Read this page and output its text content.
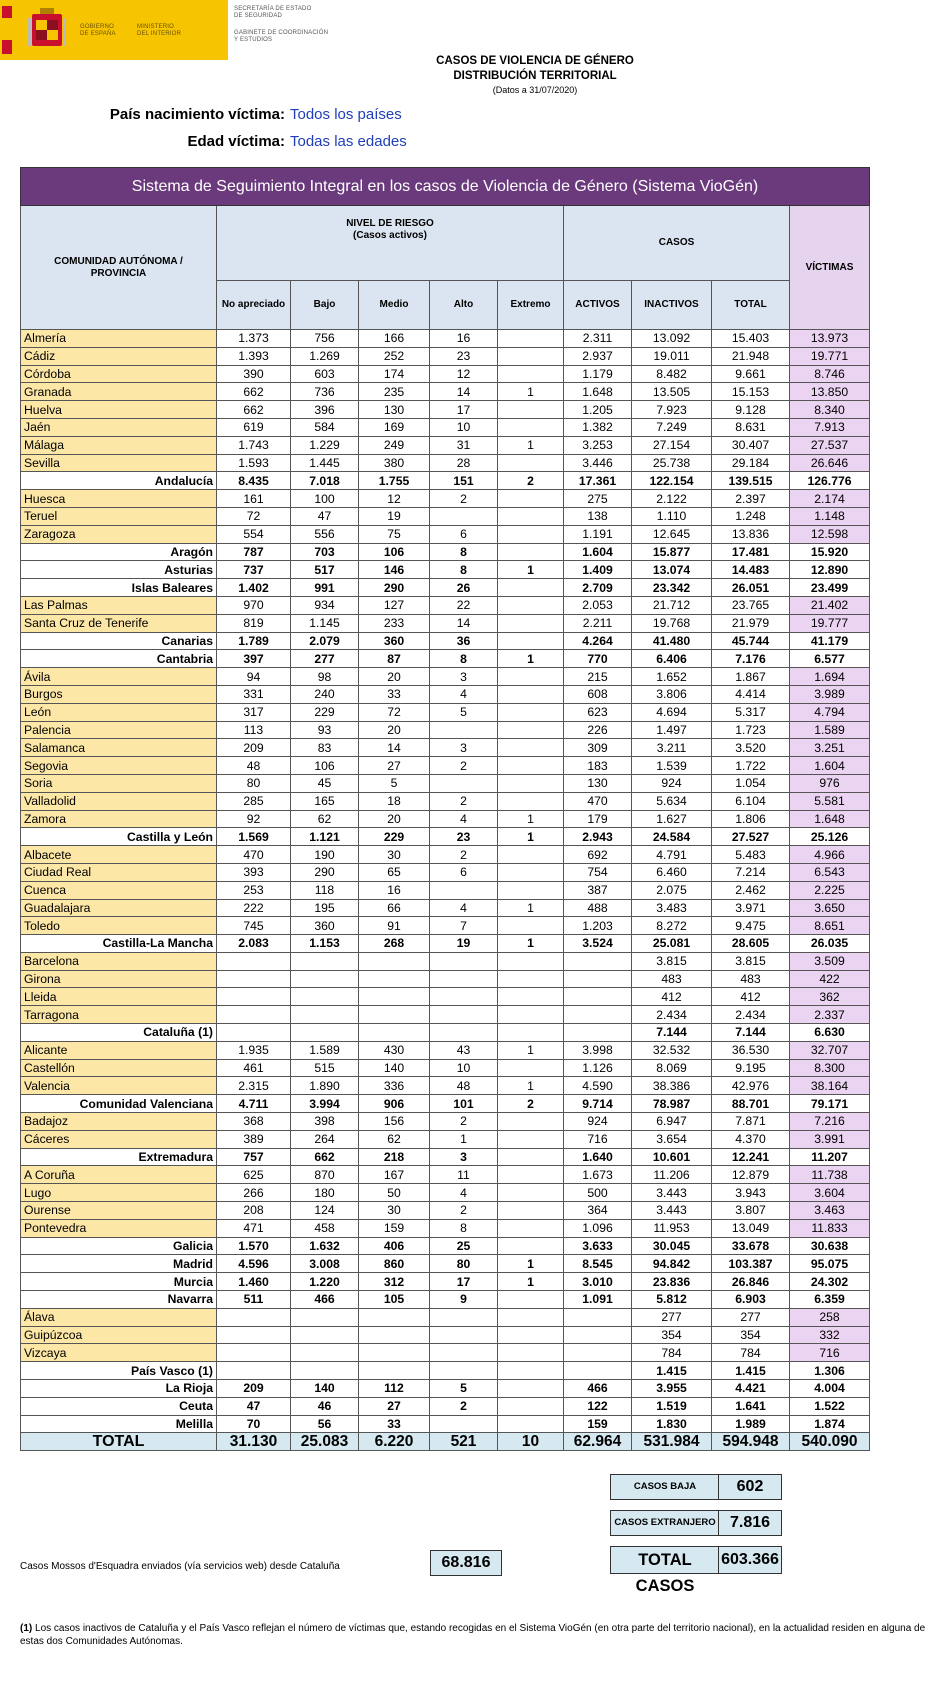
GOBIERNO
DE ESPAÑA
MINISTERIO
DEL INTERIOR
SECRETARÍA DE ESTADO
DE SEGURIDAD
GABINETE DE COORDINACIÓN
Y ESTUDIOS
CASOS DE VIOLENCIA DE GÉNERO
DISTRIBUCIÓN TERRITORIAL
(Datos a 31/07/2020)
País nacimiento víctima: Todos los países
Edad víctima: Todas las edades
Sistema de Seguimiento Integral en los casos de Violencia de Género (Sistema VioGén)									
COMUNIDAD AUTÓNOMA / PROVINCIA	NIVEL DE RIESGO
(Casos activos)					CASOS			VÍCTIMAS
	No apreciado	Bajo	Medio	Alto	Extremo	ACTIVOS	INACTIVOS	TOTAL	
Almería	1.373	756	166	16		2.311	13.092	15.403	13.973
Cádiz	1.393	1.269	252	23		2.937	19.011	21.948	19.771
Córdoba	390	603	174	12		1.179	8.482	9.661	8.746
Granada	662	736	235	14	1	1.648	13.505	15.153	13.850
Huelva	662	396	130	17		1.205	7.923	9.128	8.340
Jaén	619	584	169	10		1.382	7.249	8.631	7.913
Málaga	1.743	1.229	249	31	1	3.253	27.154	30.407	27.537
Sevilla	1.593	1.445	380	28		3.446	25.738	29.184	26.646
Andalucía	8.435	7.018	1.755	151	2	17.361	122.154	139.515	126.776
Huesca	161	100	12	2		275	2.122	2.397	2.174
Teruel	72	47	19			138	1.110	1.248	1.148
Zaragoza	554	556	75	6		1.191	12.645	13.836	12.598
Aragón	787	703	106	8		1.604	15.877	17.481	15.920
Asturias	737	517	146	8	1	1.409	13.074	14.483	12.890
Islas Baleares	1.402	991	290	26		2.709	23.342	26.051	23.499
Las Palmas	970	934	127	22		2.053	21.712	23.765	21.402
Santa Cruz de Tenerife	819	1.145	233	14		2.211	19.768	21.979	19.777
Canarias	1.789	2.079	360	36		4.264	41.480	45.744	41.179
Cantabria	397	277	87	8	1	770	6.406	7.176	6.577
Ávila	94	98	20	3		215	1.652	1.867	1.694
Burgos	331	240	33	4		608	3.806	4.414	3.989
León	317	229	72	5		623	4.694	5.317	4.794
Palencia	113	93	20			226	1.497	1.723	1.589
Salamanca	209	83	14	3		309	3.211	3.520	3.251
Segovia	48	106	27	2		183	1.539	1.722	1.604
Soria	80	45	5			130	924	1.054	976
Valladolid	285	165	18	2		470	5.634	6.104	5.581
Zamora	92	62	20	4	1	179	1.627	1.806	1.648
Castilla y León	1.569	1.121	229	23	1	2.943	24.584	27.527	25.126
Albacete	470	190	30	2		692	4.791	5.483	4.966
Ciudad Real	393	290	65	6		754	6.460	7.214	6.543
Cuenca	253	118	16			387	2.075	2.462	2.225
Guadalajara	222	195	66	4	1	488	3.483	3.971	3.650
Toledo	745	360	91	7		1.203	8.272	9.475	8.651
Castilla-La Mancha	2.083	1.153	268	19	1	3.524	25.081	28.605	26.035
Barcelona							3.815	3.815	3.509
Girona							483	483	422
Lleida							412	412	362
Tarragona							2.434	2.434	2.337
Cataluña (1)							7.144	7.144	6.630
Alicante	1.935	1.589	430	43	1	3.998	32.532	36.530	32.707
Castellón	461	515	140	10		1.126	8.069	9.195	8.300
Valencia	2.315	1.890	336	48	1	4.590	38.386	42.976	38.164
Comunidad Valenciana	4.711	3.994	906	101	2	9.714	78.987	88.701	79.171
Badajoz	368	398	156	2		924	6.947	7.871	7.216
Cáceres	389	264	62	1		716	3.654	4.370	3.991
Extremadura	757	662	218	3		1.640	10.601	12.241	11.207
A Coruña	625	870	167	11		1.673	11.206	12.879	11.738
Lugo	266	180	50	4		500	3.443	3.943	3.604
Ourense	208	124	30	2		364	3.443	3.807	3.463
Pontevedra	471	458	159	8		1.096	11.953	13.049	11.833
Galicia	1.570	1.632	406	25		3.633	30.045	33.678	30.638
Madrid	4.596	3.008	860	80	1	8.545	94.842	103.387	95.075
Murcia	1.460	1.220	312	17	1	3.010	23.836	26.846	24.302
Navarra	511	466	105	9		1.091	5.812	6.903	6.359
Álava							277	277	258
Guipúzcoa							354	354	332
Vizcaya							784	784	716
País Vasco (1)							1.415	1.415	1.306
La Rioja	209	140	112	5		466	3.955	4.421	4.004
Ceuta	47	46	27	2		122	1.519	1.641	1.522
Melilla	70	56	33			159	1.830	1.989	1.874
TOTAL	31.130	25.083	6.220	521	10	62.964	531.984	594.948	540.090
CASOS BAJA	602
CASOS EXTRANJERO 7.816
TOTAL CASOS
603.366
Casos Mossos d'Esquadra enviados (vía servicios web) desde Cataluña	68.816
(1) Los casos inactivos de Cataluña y el País Vasco reflejan el número de víctimas que, estando recogidas en el Sistema VioGén (en otra parte del territorio nacional), en la actualidad residen en alguna de estas dos Comunidades Autónomas.
